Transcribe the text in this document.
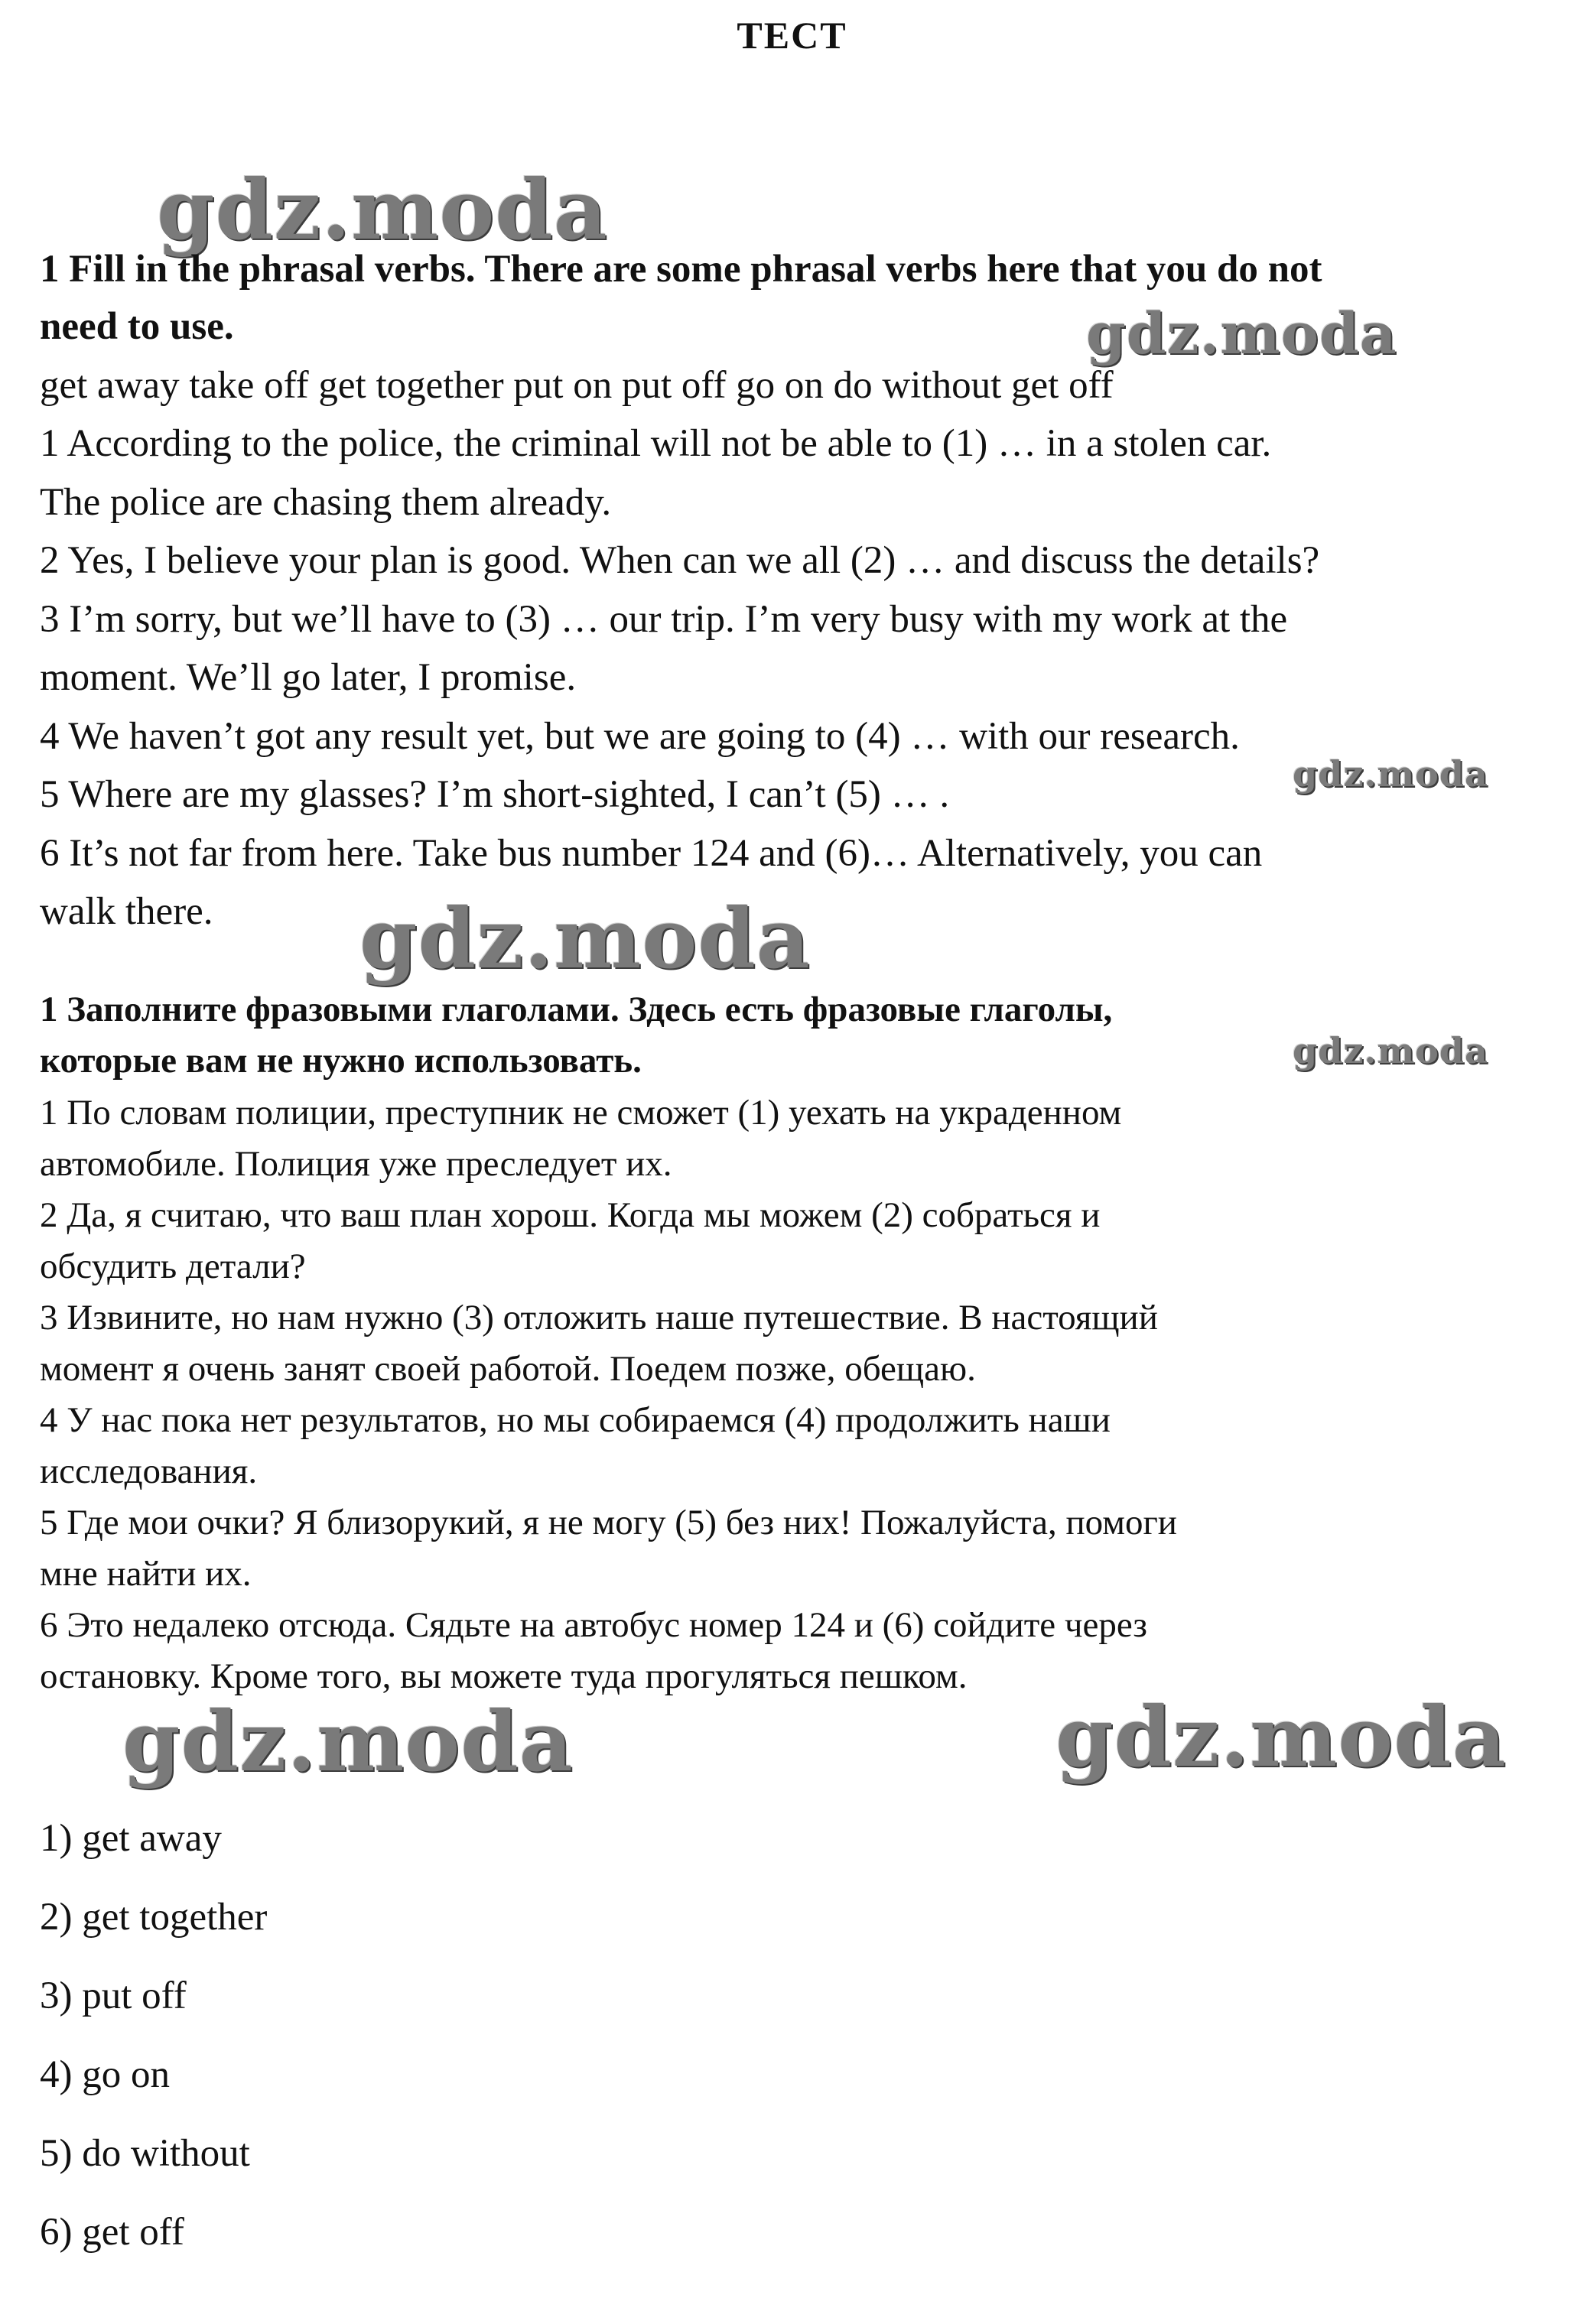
ТЕСТ
gdz.moda
gdz.moda
gdz.moda
gdz.moda
gdz.moda
gdz.moda	gdz.moda
1 Fill in the phrasal verbs. There are some phrasal verbs here that you do not
need to use.
get away take off get together put on put off go on do without get off
1 According to the police, the criminal will not be able to (1) … in a stolen car.
The police are chasing them already.
2 Yes, I believe your plan is good. When can we all (2) … and discuss the details?
3 I’m sorry, but we’ll have to (3) … our trip. I’m very busy with my work at the
moment. We’ll go later, I promise.
4 We haven’t got any result yet, but we are going to (4) … with our research.
5 Where are my glasses? I’m short-sighted, I can’t (5) … .
6 It’s not far from here. Take bus number 124 and (6)… Alternatively, you can
walk there.
1 Заполните фразовыми глаголами. Здесь есть фразовые глаголы,
которые вам не нужно использовать.
1 По словам полиции, преступник не сможет (1) уехать на украденном
автомобиле. Полиция уже преследует их.
2 Да, я считаю, что ваш план хорош. Когда мы можем (2) собраться и
обсудить детали?
3 Извините, но нам нужно (3) отложить наше путешествие. В настоящий
момент я очень занят своей работой. Поедем позже, обещаю.
4 У нас пока нет результатов, но мы собираемся (4) продолжить наши
исследования.
5 Где мои очки? Я близорукий, я не могу (5) без них! Пожалуйста, помоги
мне найти их.
6 Это недалеко отсюда. Сядьте на автобус номер 124 и (6) сойдите через
остановку. Кроме того, вы можете туда прогуляться пешком.
1) get away
2) get together
3) put off
4) go on
5) do without
6) get off
